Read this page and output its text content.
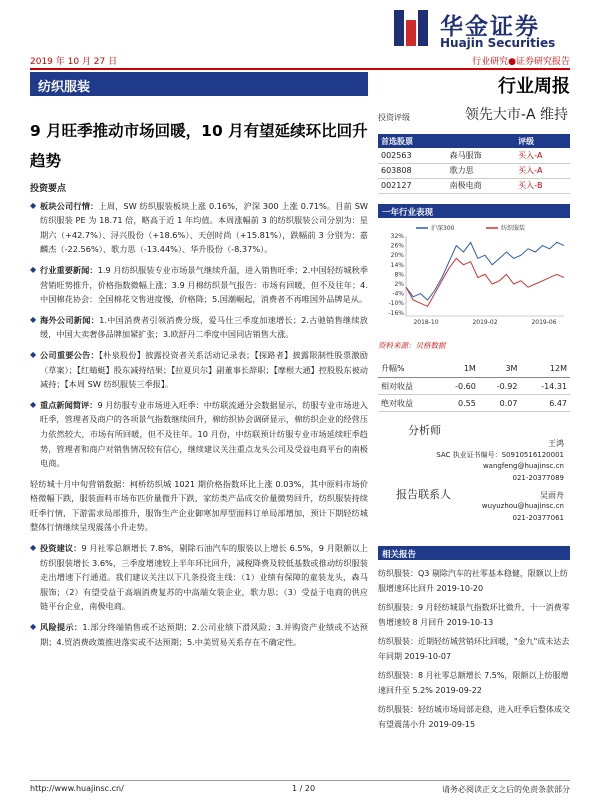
华金证券
Huajin Securities
2019 年 10 月 27 日	行业研究●证券研究报告
纺织服装	行业周报
9 月旺季推动市场回暖，10 月有望延续环比回升趋势
投资要点
◆ 板块公司行情：上周，SW 纺织服装板块上涨 0.16%，沪深 300 上涨 0.71%。目前 SW 纺织服装 PE 为 18.71 倍，略高于近 1 年均值。本周涨幅前 3 的纺织服装公司分别为：星期六（+42.7%）、浔兴股份（+18.6%）、天创时尚（+15.81%），跌幅前 3 分别为：嘉麟杰（-22.56%）、歌力思（-13.44%）、华升股份（-8.37%）。
◆ 行业重要新闻：1.9 月纺织服装专业市场景气继续升温，进入销售旺季；2.中国轻纺城秋季营销旺势推升，价格指数微幅上涨；3.9 月棉纺织景气报告：市场有回暖，但不及往年；4.中国棉花协会：全国棉花交售进度慢，价格降；5.国潮崛起，消费者不再唯国外品牌是从。
◆ 海外公司新闻：1.中国消费者引领消费分级，爱马仕三季度加速增长；2.古驰销售继续放缓，中国大卖奢侈品牌加紧扩张；3.欧舒丹二季度中国同店销售大涨。
◆ 公司重要公告：【朴泉股份】披露投资者关系活动记录表；【探路者】披露限制性股票激励（草案）；【红蜻蜓】股东减持结果；【拉夏贝尔】副董事长辞职；【摩根大通】控股股东被动减持；【本周 SW 纺织服装三季报】。
◆ 重点新闻简评：9 月纺服专业市场进入旺季：中纺联流通分会数据显示，纺服专业市场进入旺季，管理者及商户的各项景气指数继续回升，棉纺织协会调研显示，棉纺织企业的经营压力依然较大，市场有所回暖，但不及往年。10 月份，中纺联预计纺服专业市场延续旺季趋势，管理者和商户对销售情况较有信心，继续建议关注重点龙头公司及受益电商平台的南极电商。
轻纺城十月中旬营销数据：柯桥纺织城 1021 期价格指数环比上涨 0.03%，其中原料市场价格微幅下跌，服装面料市场布匹价量微升下跌，家纺类产品成交价量微势回升，纺织服装持续旺季行情，下游需求局部推升，服饰生产企业御寒加厚型面料订单局部增加，预计下期轻纺城整体行情继续呈现震荡小升走势。
◆ 投资建议：9 月社零总额增长 7.8%，剔除石油汽车的服装以上增长 6.5%，9 月限额以上纺织服装增长 3.6%，三季度增速较上半年环比回升，减税降费及较低基数或推动纺织服装走出增速下行通道。我们建议关注以下几条投资主线：（1）业绩有保障的童装龙头，森马服饰；（2）有望受益于高端消费复苏的中高端女装企业，歌力思；（3）受益于电商的供应链平台企业，南极电商。
◆ 风险提示：1.部分终端销售或不达预期；2.公司业绩下滑风险；3.并购资产业绩或不达预期；4.贸消费政策推进落实或不达预期；5.中美贸易关系存在不确定性。
投资评级	领先大市-A 维持
首选股票		评级
002563	森马服饰	买入-A
603808	歌力思	买入-A
002127	南极电商	买入-B
一年行业表现
32%
26%
20%
14%
8%
2%
-4%
-10%
-16%
2018-10	2019-02	2019-06
沪深300	纺织服装
资料来源：贝格数据
升幅%	1M	3M	12M
相对收益	-0.60	-0.92	-14.31
绝对收益	0.55	0.07	6.47
分析师
王鸿
SAC 执业证书编号：S0910516120001
wangfeng@huajinsc.cn
021-20377089
报告联系人	吴雨舟
wuyuzhou@huajinsc.cn
021-20377061
相关报告
纺织服装：Q3 剔除汽车的社零基本稳健，限额以上纺服增速环比回升 2019-10-20
纺织服装：9 月轻纺城景气指数环比微升，十一消费零售增速较 8 月回升 2019-10-13
纺织服装：近期轻纺城营销环比回暖，"金九"成未达去年同期 2019-10-07
纺织服装：8 月社零总额增长 7.5%，限额以上纺服增速回升至 5.2% 2019-09-22
纺织服装：轻纺城市场局部走稳，进入旺季后整体成交有望震荡小升 2019-09-15
http://www.huajinsc.cn/	1 / 20	请务必阅读正文之后的免责条款部分
